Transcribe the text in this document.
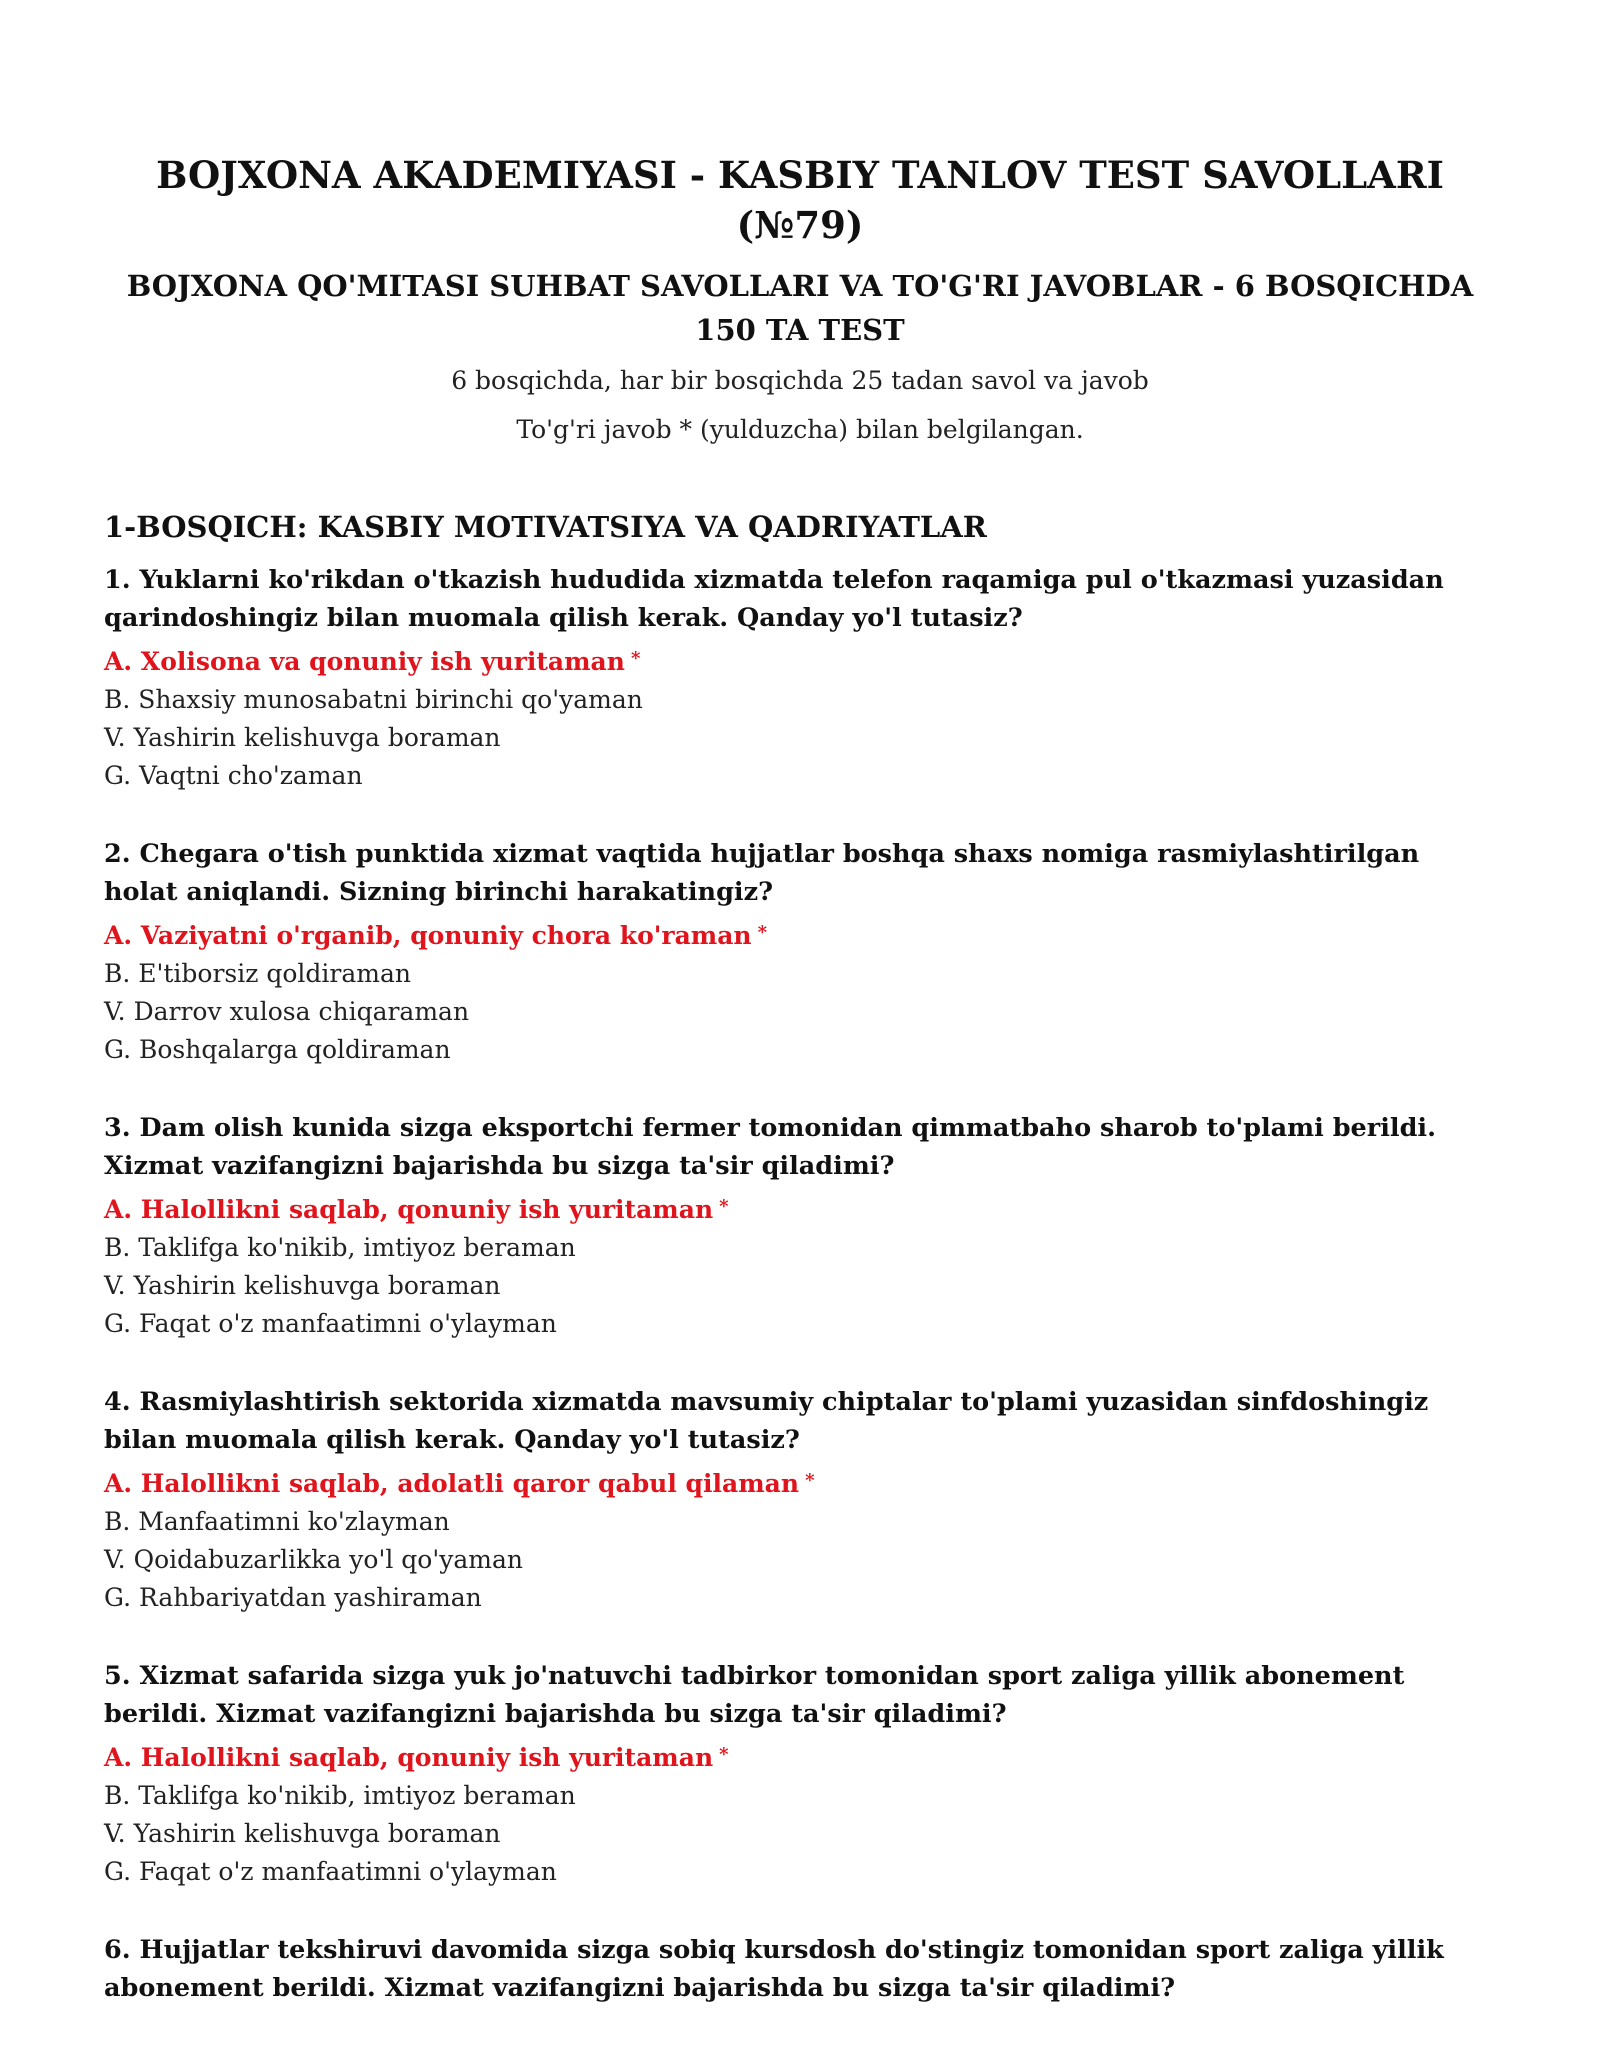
BOJXONA AKADEMIYASI - KASBIY TANLOV TEST SAVOLLARI (№79)
BOJXONA QO'MITASI SUHBAT SAVOLLARI VA TO'G'RI JAVOBLAR - 6 BOSQICHDA 150 TA TEST
6 bosqichda, har bir bosqichda 25 tadan savol va javob
To'g'ri javob * (yulduzcha) bilan belgilangan.
1-BOSQICH: KASBIY MOTIVATSIYA VA QADRIYATLAR
1. Yuklarni ko'rikdan o'tkazish hududida xizmatda telefon raqamiga pul o'tkazmasi yuzasidan qarindoshingiz bilan muomala qilish kerak. Qanday yo'l tutasiz?
A. Xolisona va qonuniy ish yuritaman *
B. Shaxsiy munosabatni birinchi qo'yaman
V. Yashirin kelishuvga boraman
G. Vaqtni cho'zaman
2. Chegara o'tish punktida xizmat vaqtida hujjatlar boshqa shaxs nomiga rasmiylashtirilgan holat aniqlandi. Sizning birinchi harakatingiz?
A. Vaziyatni o'rganib, qonuniy chora ko'raman *
B. E'tiborsiz qoldiraman
V. Darrov xulosa chiqaraman
G. Boshqalarga qoldiraman
3. Dam olish kunida sizga eksportchi fermer tomonidan qimmatbaho sharob to'plami berildi. Xizmat vazifangizni bajarishda bu sizga ta'sir qiladimi?
A. Halollikni saqlab, qonuniy ish yuritaman *
B. Taklifga ko'nikib, imtiyoz beraman
V. Yashirin kelishuvga boraman
G. Faqat o'z manfaatimni o'ylayman
4. Rasmiylashtirish sektorida xizmatda mavsumiy chiptalar to'plami yuzasidan sinfdoshingiz bilan muomala qilish kerak. Qanday yo'l tutasiz?
A. Halollikni saqlab, adolatli qaror qabul qilaman *
B. Manfaatimni ko'zlayman
V. Qoidabuzarlikka yo'l qo'yaman
G. Rahbariyatdan yashiraman
5. Xizmat safarida sizga yuk jo'natuvchi tadbirkor tomonidan sport zaliga yillik abonement berildi. Xizmat vazifangizni bajarishda bu sizga ta'sir qiladimi?
A. Halollikni saqlab, qonuniy ish yuritaman *
B. Taklifga ko'nikib, imtiyoz beraman
V. Yashirin kelishuvga boraman
G. Faqat o'z manfaatimni o'ylayman
6. Hujjatlar tekshiruvi davomida sizga sobiq kursdosh do'stingiz tomonidan sport zaliga yillik abonement berildi. Xizmat vazifangizni bajarishda bu sizga ta'sir qiladimi?
